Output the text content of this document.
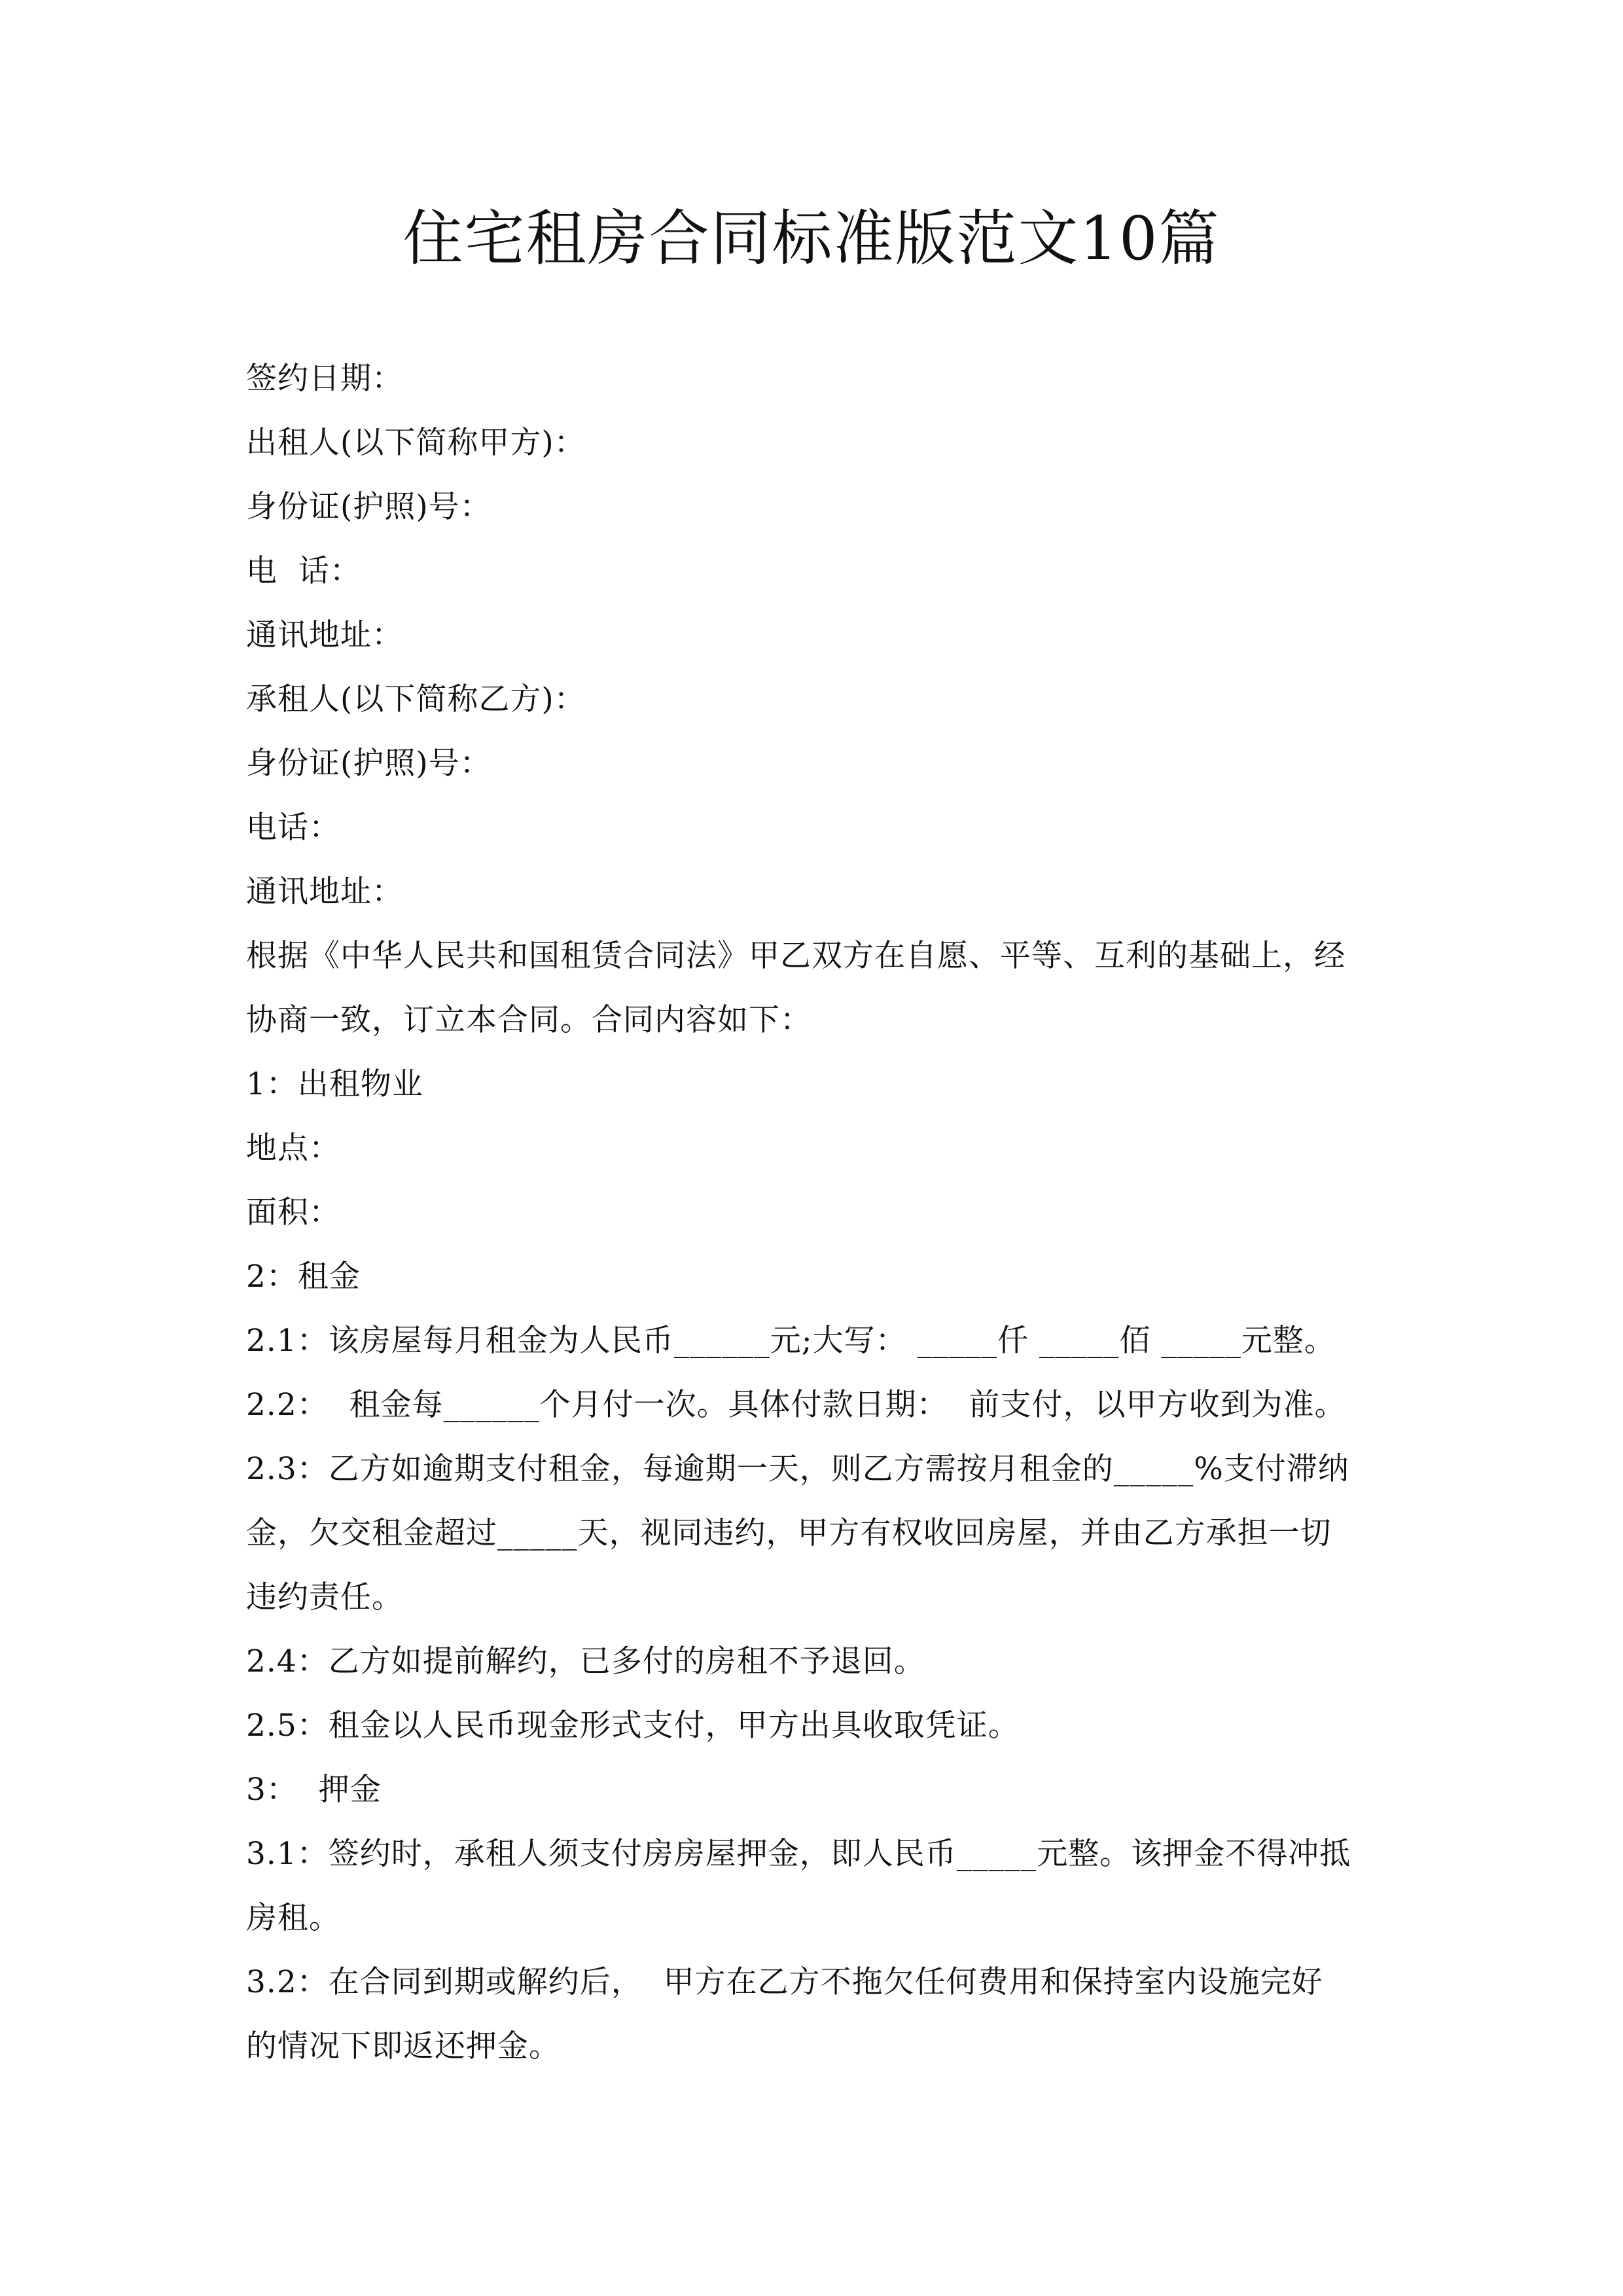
住宅租房合同标准版范文10篇
签约日期：
出租人(以下简称甲方)：
身份证(护照)号：
电  话：
通讯地址：
承租人(以下简称乙方)：
身份证(护照)号：
电话：
通讯地址：
根据《中华人民共和国租赁合同法》甲乙双方在自愿、平等、互利的基础上，经
协商一致，订立本合同。合同内容如下：
1：出租物业
地点：
面积：
2：租金
2.1：该房屋每月租金为人民币______元;大写： _____仟 _____佰 _____元整。
2.2：  租金每______个月付一次。具体付款日期：  前支付，以甲方收到为准。
2.3：乙方如逾期支付租金，每逾期一天，则乙方需按月租金的_____%支付滞纳
金，欠交租金超过_____天，视同违约，甲方有权收回房屋，并由乙方承担一切
违约责任。
2.4：乙方如提前解约，已多付的房租不予退回。
2.5：租金以人民币现金形式支付，甲方出具收取凭证。
3：  押金
3.1：签约时，承租人须支付房房屋押金，即人民币_____元整。该押金不得冲抵
房租。
3.2：在合同到期或解约后，  甲方在乙方不拖欠任何费用和保持室内设施完好
的情况下即返还押金。
